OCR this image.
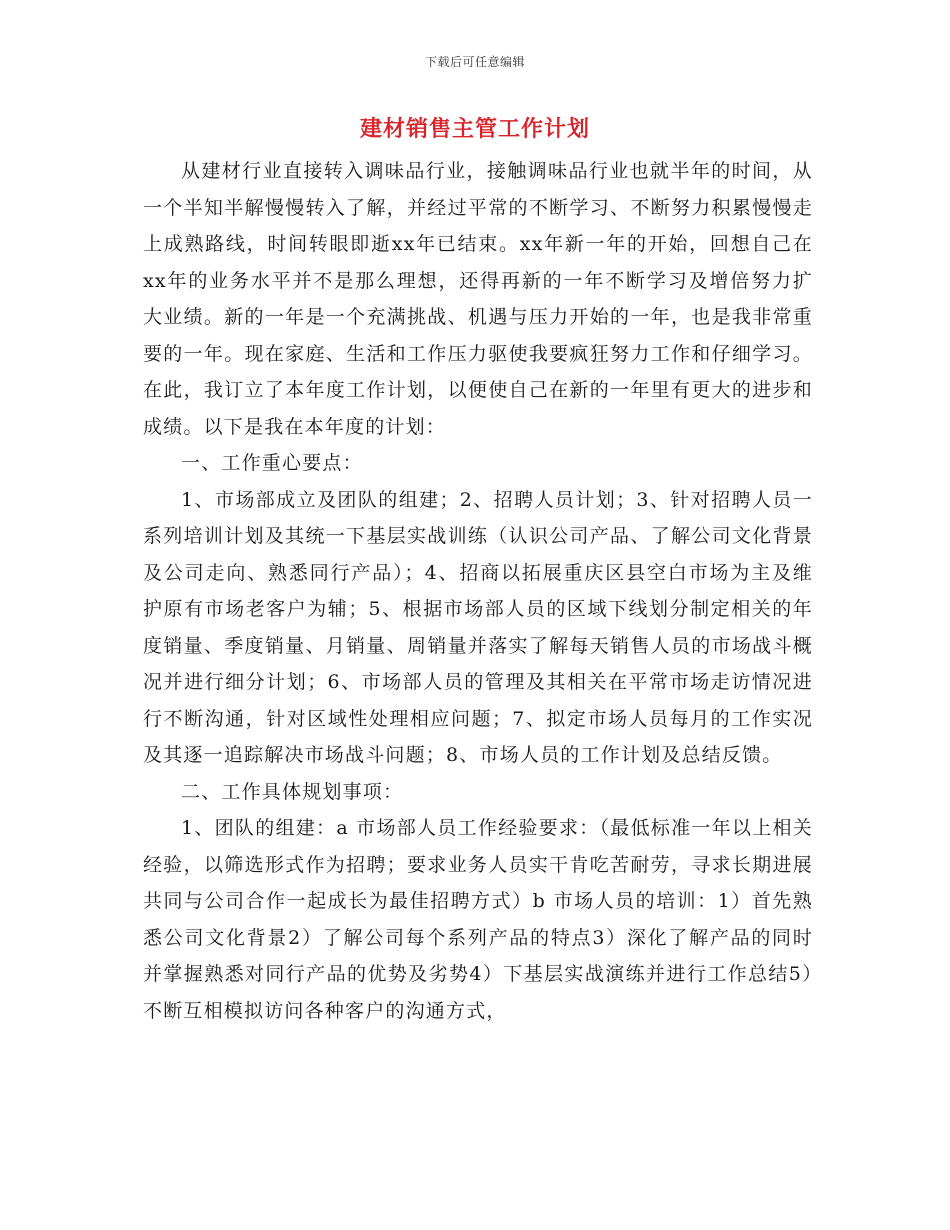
下载后可任意编辑
建材销售主管工作计划

从建材行业直接转入调味品行业，接触调味品行业也就半年的时间，从一个半知半解慢慢转入了解，并经过平常的不断学习、不断努力积累慢慢走上成熟路线，时间转眼即逝xx年已结束。xx年新一年的开始，回想自己在xx年的业务水平并不是那么理想，还得再新的一年不断学习及增倍努力扩大业绩。新的一年是一个充满挑战、机遇与压力开始的一年，也是我非常重要的一年。现在家庭、生活和工作压力驱使我要疯狂努力工作和仔细学习。在此，我订立了本年度工作计划，以便使自己在新的一年里有更大的进步和成绩。以下是我在本年度的计划：

一、工作重心要点：

1、市场部成立及团队的组建；2、招聘人员计划；3、针对招聘人员一系列培训计划及其统一下基层实战训练（认识公司产品、了解公司文化背景及公司走向、熟悉同行产品）；4、招商以拓展重庆区县空白市场为主及维护原有市场老客户为辅；5、根据市场部人员的区域下线划分制定相关的年度销量、季度销量、月销量、周销量并落实了解每天销售人员的市场战斗概况并进行细分计划；6、市场部人员的管理及其相关在平常市场走访情况进行不断沟通，针对区域性处理相应问题；7、拟定市场人员每月的工作实况及其逐一追踪解决市场战斗问题；8、市场人员的工作计划及总结反馈。

二、工作具体规划事项：

1、团队的组建：a 市场部人员工作经验要求：（最低标准一年以上相关经验，以筛选形式作为招聘；要求业务人员实干肯吃苦耐劳，寻求长期进展共同与公司合作一起成长为最佳招聘方式）b 市场人员的培训：1）首先熟悉公司文化背景2）了解公司每个系列产品的特点3）深化了解产品的同时并掌握熟悉对同行产品的优势及劣势4）下基层实战演练并进行工作总结5）不断互相模拟访问各种客户的沟通方式，
